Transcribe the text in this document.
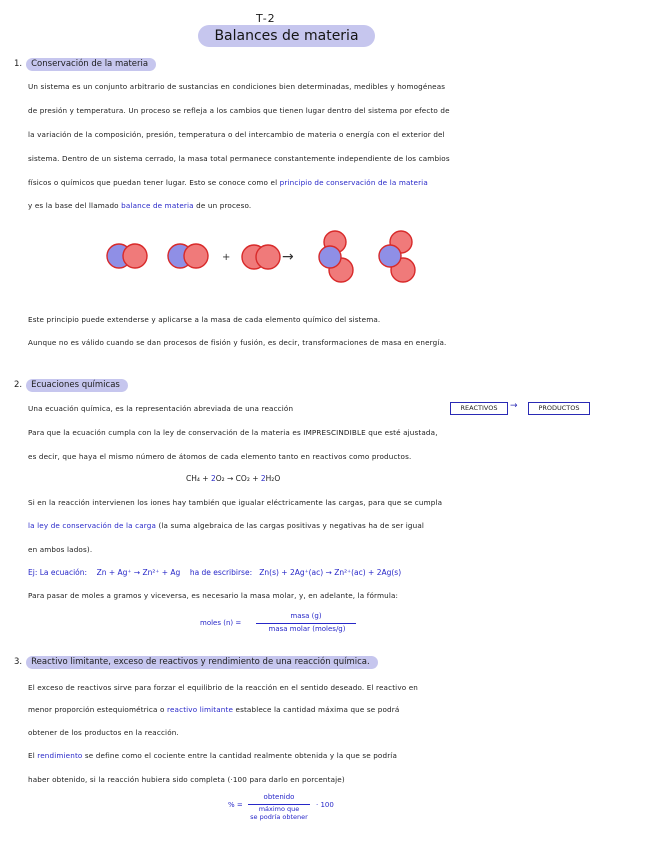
T-2
Balances de materia
1. Conservación de la materia
Un sistema es un conjunto arbitrario de sustancias en condiciones bien determinadas, medibles y homogéneas
de presión y temperatura. Un proceso se refleja a los cambios que tienen lugar dentro del sistema por efecto de
la variación de la composición, presión, temperatura o del intercambio de materia o energía con el exterior del
sistema. Dentro de un sistema cerrado, la masa total permanece constantemente independiente de los cambios
físicos o químicos que puedan tener lugar. Esto se conoce como el principio de conservación de la materia
y es la base del llamado balance de materia de un proceso.
+	→
Este principio puede extenderse y aplicarse a la masa de cada elemento químico del sistema.
Aunque no es válido cuando se dan procesos de fisión y fusión, es decir, transformaciones de masa en energía.
2. Ecuaciones químicas
Una ecuación química, es la representación abreviada de una reacción	REACTIVOS	→	PRODUCTOS
Para que la ecuación cumpla con la ley de conservación de la materia es IMPRESCINDIBLE que esté ajustada,
es decir, que haya el mismo número de átomos de cada elemento tanto en reactivos como productos.
CH₄ + 2O₂ → CO₂ + 2H₂O
Si en la reacción intervienen los iones hay también que igualar eléctricamente las cargas, para que se cumpla
la ley de conservación de la carga (la suma algebraica de las cargas positivas y negativas ha de ser igual
en ambos lados).
Ej: La ecuación: Zn + Ag⁺ → Zn²⁺ + Ag ha de escribirse: Zn(s) + 2Ag⁺(ac) → Zn²⁺(ac) + 2Ag(s)
Para pasar de moles a gramos y viceversa, es necesario la masa molar, y, en adelante, la fórmula:
moles (n) =
masa (g)
masa molar (moles/g)
3. Reactivo limitante, exceso de reactivos y rendimiento de una reacción química.
El exceso de reactivos sirve para forzar el equilibrio de la reacción en el sentido deseado. El reactivo en
menor proporción estequiométrica o reactivo limitante establece la cantidad máxima que se podrá
obtener de los productos en la reacción.
El rendimiento se define como el cociente entre la cantidad realmente obtenida y la que se podría
haber obtenido, si la reacción hubiera sido completa (·100 para darlo en porcentaje)
% =
obtenido
máximo que
se podría obtener
· 100
